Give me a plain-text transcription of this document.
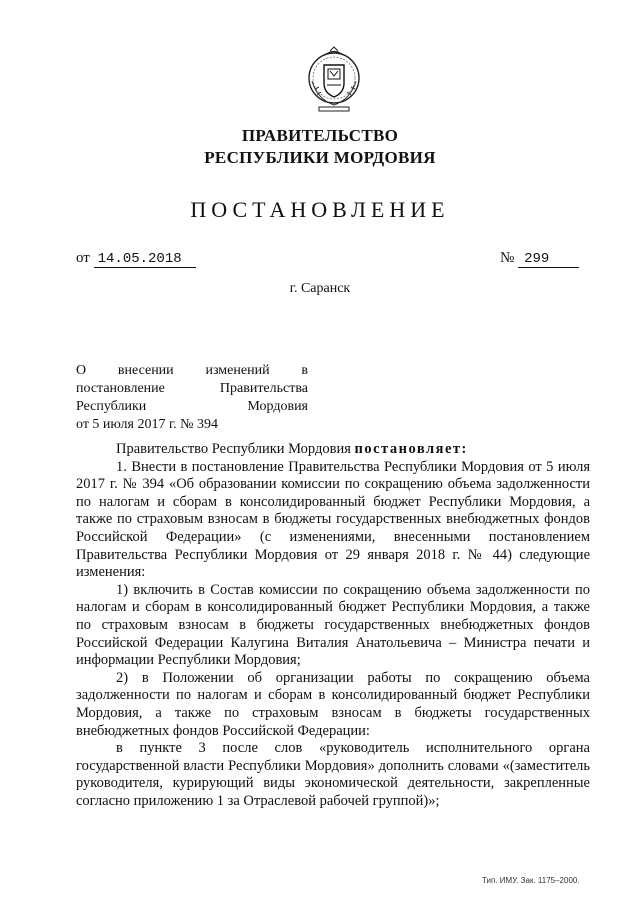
ПРАВИТЕЛЬСТВО
РЕСПУБЛИКИ МОРДОВИЯ
ПОСТАНОВЛЕНИЕ
от 14.05.2018	№ 299
г. Саранск
О внесении изменений в
постановление Правительства
Республики Мордовия
от 5 июля 2017 г. № 394

Правительство Республики Мордовия постановляет:

1. Внести в постановление Правительства Республики Мордовия от 5 июля 2017 г. № 394 «Об образовании комиссии по сокращению объема задолженности по налогам и сборам в консолидированный бюджет Республики Мордовия, а также по страховым взносам в бюджеты государственных внебюджетных фондов Российской Федерации» (с изменениями, внесенными постановлением Правительства Республики Мордовия от 29 января 2018 г. № 44) следующие изменения:

1) включить в Состав комиссии по сокращению объема задолженности по налогам и сборам в консолидированный бюджет Республики Мордовия, а также по страховым взносам в бюджеты государственных внебюджетных фондов Российской Федерации Калугина Виталия Анатольевича – Министра печати и информации Республики Мордовия;

2) в Положении об организации работы по сокращению объема задолженности по налогам и сборам в консолидированный бюджет Республики Мордовия, а также по страховым взносам в бюджеты государственных внебюджетных фондов Российской Федерации:

в пункте 3 после слов «руководитель исполнительного органа государственной власти Республики Мордовия» дополнить словами «(заместитель руководителя, курирующий виды экономической деятельности, закрепленные согласно приложению 1 за Отраслевой рабочей группой)»;

Тип. ИМУ. Зак. 1175–2000.
